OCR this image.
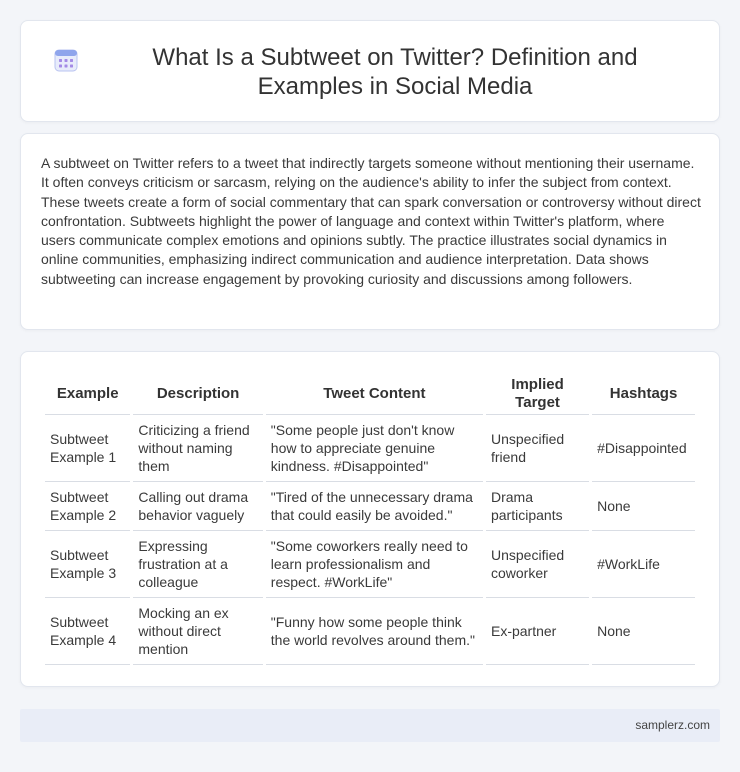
What Is a Subtweet on Twitter? Definition and Examples in Social Media

A subtweet on Twitter refers to a tweet that indirectly targets someone without mentioning their username. It often conveys criticism or sarcasm, relying on the audience's ability to infer the subject from context. These tweets create a form of social commentary that can spark conversation or controversy without direct confrontation. Subtweets highlight the power of language and context within Twitter's platform, where users communicate complex emotions and opinions subtly. The practice illustrates social dynamics in online communities, emphasizing indirect communication and audience interpretation. Data shows subtweeting can increase engagement by provoking curiosity and discussions among followers.

Example	Description	Tweet Content	Implied Target	Hashtags
Subtweet Example 1	Criticizing a friend without naming them	"Some people just don't know how to appreciate genuine kindness. #Disappointed"	Unspecified friend	#Disappointed
Subtweet Example 2	Calling out drama behavior vaguely	"Tired of the unnecessary drama that could easily be avoided."	Drama participants	None
Subtweet Example 3	Expressing frustration at a colleague	"Some coworkers really need to learn professionalism and respect. #WorkLife"	Unspecified coworker	#WorkLife
Subtweet Example 4	Mocking an ex without direct mention	"Funny how some people think the world revolves around them."	Ex-partner	None
samplerz.com
